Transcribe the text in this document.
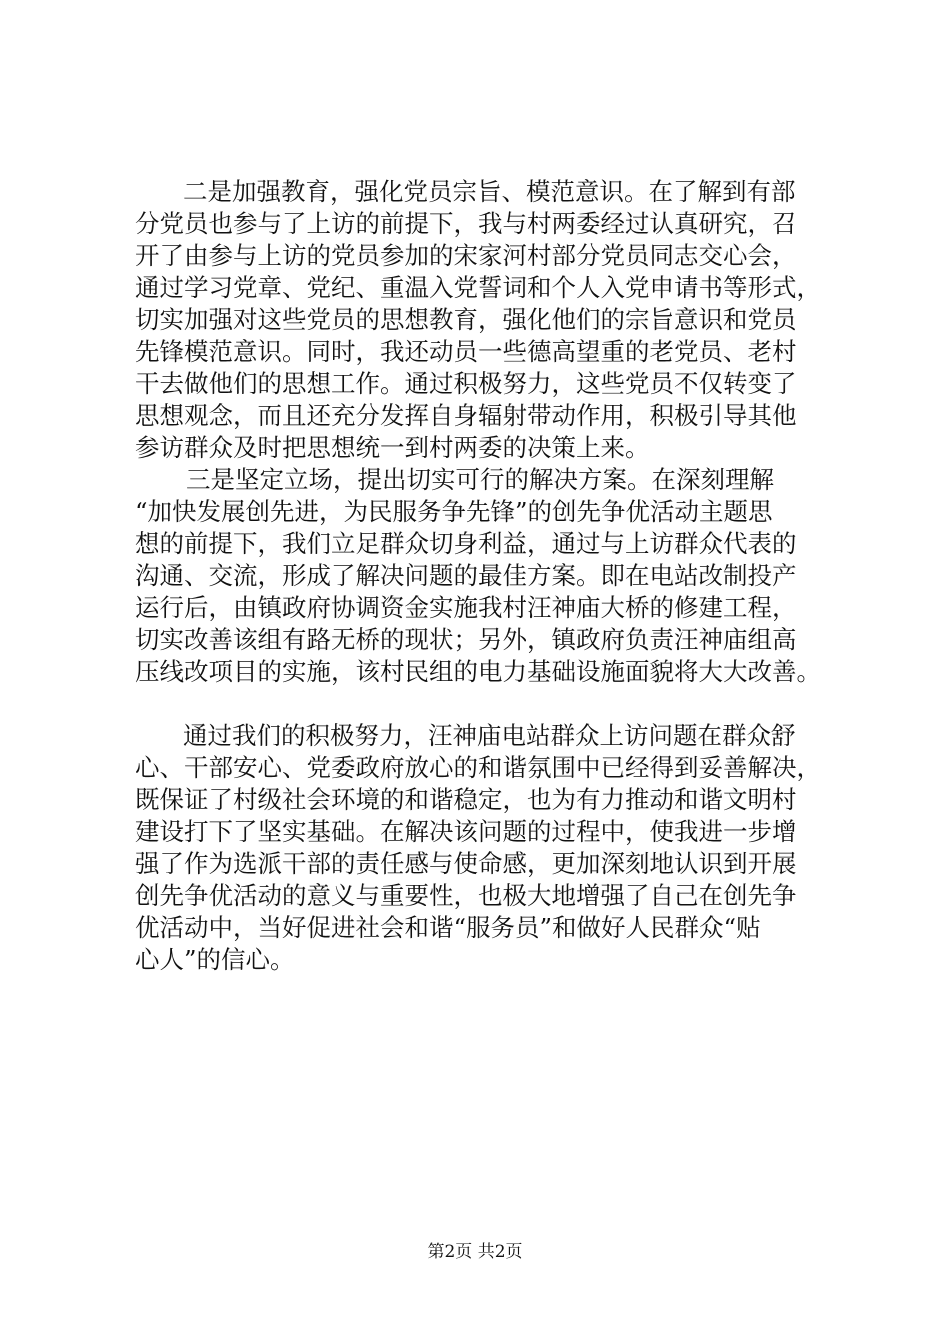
二是加强教育，强化党员宗旨、模范意识。在了解到有部
分党员也参与了上访的前提下，我与村两委经过认真研究，召
开了由参与上访的党员参加的宋家河村部分党员同志交心会，
通过学习党章、党纪、重温入党誓词和个人入党申请书等形式，
切实加强对这些党员的思想教育，强化他们的宗旨意识和党员
先锋模范意识。同时，我还动员一些德高望重的老党员、老村
干去做他们的思想工作。通过积极努力，这些党员不仅转变了
思想观念，而且还充分发挥自身辐射带动作用，积极引导其他
参访群众及时把思想统一到村两委的决策上来。
三是坚定立场，提出切实可行的解决方案。在深刻理解
“加快发展创先进，为民服务争先锋”的创先争优活动主题思
想的前提下，我们立足群众切身利益，通过与上访群众代表的
沟通、交流，形成了解决问题的最佳方案。即在电站改制投产
运行后，由镇政府协调资金实施我村汪神庙大桥的修建工程，
切实改善该组有路无桥的现状；另外，镇政府负责汪神庙组高
压线改项目的实施，该村民组的电力基础设施面貌将大大改善。
通过我们的积极努力，汪神庙电站群众上访问题在群众舒
心、干部安心、党委政府放心的和谐氛围中已经得到妥善解决，
既保证了村级社会环境的和谐稳定，也为有力推动和谐文明村
建设打下了坚实基础。在解决该问题的过程中，使我进一步增
强了作为选派干部的责任感与使命感，更加深刻地认识到开展
创先争优活动的意义与重要性，也极大地增强了自己在创先争
优活动中，当好促进社会和谐“服务员”和做好人民群众“贴
心人”的信心。
第2页 共2页
